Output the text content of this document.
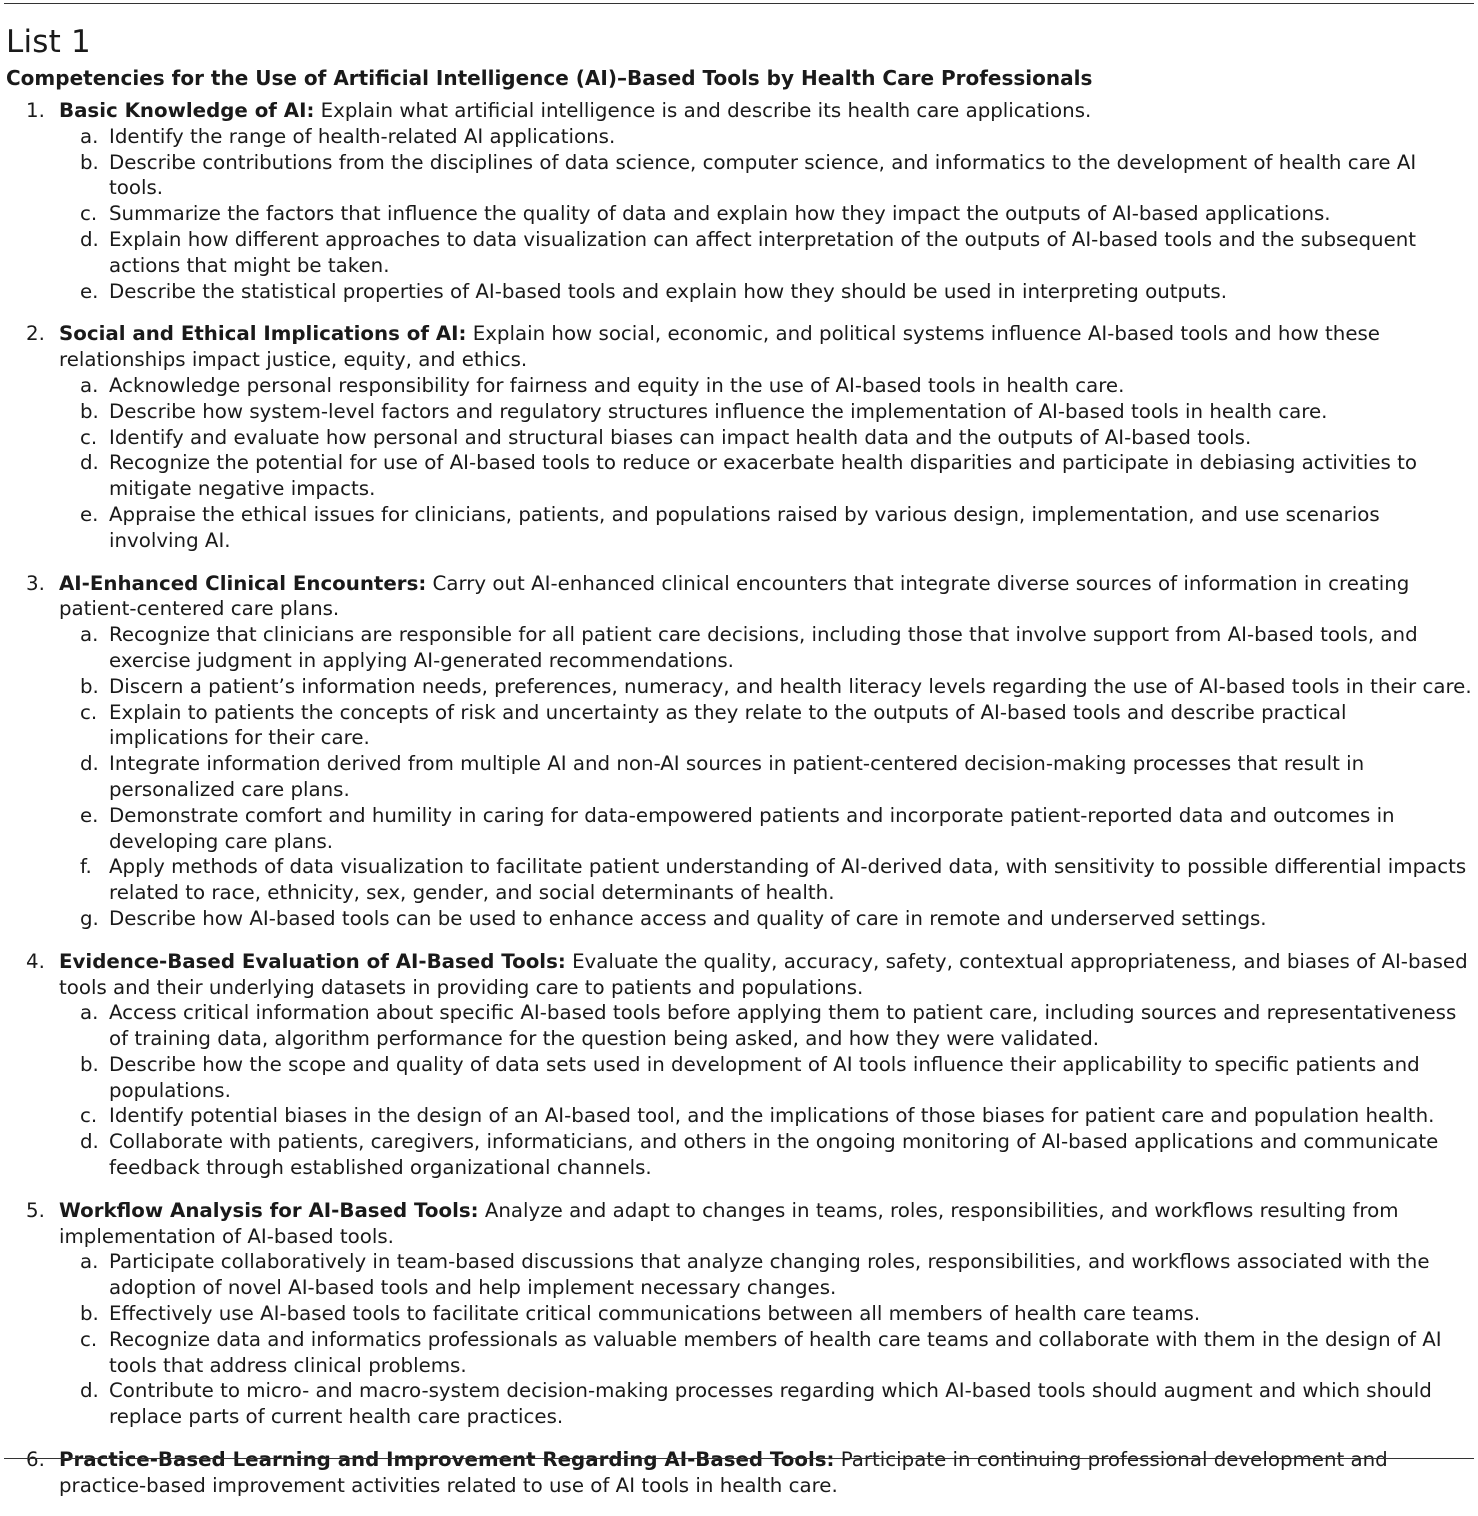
List 1
Competencies for the Use of Artificial Intelligence (AI)–Based Tools by Health Care Professionals
1. Basic Knowledge of AI: Explain what artificial intelligence is and describe its health care applications.
a. Identify the range of health-related AI applications.
b. Describe contributions from the disciplines of data science, computer science, and informatics to the development of health care AI tools.
c. Summarize the factors that influence the quality of data and explain how they impact the outputs of AI-based applications.
d. Explain how different approaches to data visualization can affect interpretation of the outputs of AI-based tools and the subsequent actions that might be taken.
e. Describe the statistical properties of AI-based tools and explain how they should be used in interpreting outputs.
2. Social and Ethical Implications of AI: Explain how social, economic, and political systems influence AI-based tools and how these relationships impact justice, equity, and ethics.
a. Acknowledge personal responsibility for fairness and equity in the use of AI-based tools in health care.
b. Describe how system-level factors and regulatory structures influence the implementation of AI-based tools in health care.
c. Identify and evaluate how personal and structural biases can impact health data and the outputs of AI-based tools.
d. Recognize the potential for use of AI-based tools to reduce or exacerbate health disparities and participate in debiasing activities to mitigate negative impacts.
e. Appraise the ethical issues for clinicians, patients, and populations raised by various design, implementation, and use scenarios involving AI.
3. AI-Enhanced Clinical Encounters: Carry out AI-enhanced clinical encounters that integrate diverse sources of information in creating patient-centered care plans.
a. Recognize that clinicians are responsible for all patient care decisions, including those that involve support from AI-based tools, and exercise judgment in applying AI-generated recommendations.
b. Discern a patient’s information needs, preferences, numeracy, and health literacy levels regarding the use of AI-based tools in their care.
c. Explain to patients the concepts of risk and uncertainty as they relate to the outputs of AI-based tools and describe practical implications for their care.
d. Integrate information derived from multiple AI and non-AI sources in patient-centered decision-making processes that result in personalized care plans.
e. Demonstrate comfort and humility in caring for data-empowered patients and incorporate patient-reported data and outcomes in developing care plans.
f. Apply methods of data visualization to facilitate patient understanding of AI-derived data, with sensitivity to possible differential impacts related to race, ethnicity, sex, gender, and social determinants of health.
g. Describe how AI-based tools can be used to enhance access and quality of care in remote and underserved settings.
4. Evidence-Based Evaluation of AI-Based Tools: Evaluate the quality, accuracy, safety, contextual appropriateness, and biases of AI-based tools and their underlying datasets in providing care to patients and populations.
a. Access critical information about specific AI-based tools before applying them to patient care, including sources and representativeness of training data, algorithm performance for the question being asked, and how they were validated.
b. Describe how the scope and quality of data sets used in development of AI tools influence their applicability to specific patients and populations.
c. Identify potential biases in the design of an AI-based tool, and the implications of those biases for patient care and population health.
d. Collaborate with patients, caregivers, informaticians, and others in the ongoing monitoring of AI-based applications and communicate feedback through established organizational channels.
5. Workflow Analysis for AI-Based Tools: Analyze and adapt to changes in teams, roles, responsibilities, and workflows resulting from implementation of AI-based tools.
a. Participate collaboratively in team-based discussions that analyze changing roles, responsibilities, and workflows associated with the adoption of novel AI-based tools and help implement necessary changes.
b. Effectively use AI-based tools to facilitate critical communications between all members of health care teams.
c. Recognize data and informatics professionals as valuable members of health care teams and collaborate with them in the design of AI tools that address clinical problems.
d. Contribute to micro- and macro-system decision-making processes regarding which AI-based tools should augment and which should replace parts of current health care practices.
6. Practice-Based Learning and Improvement Regarding AI-Based Tools: Participate in continuing professional development and practice-based improvement activities related to use of AI tools in health care.
